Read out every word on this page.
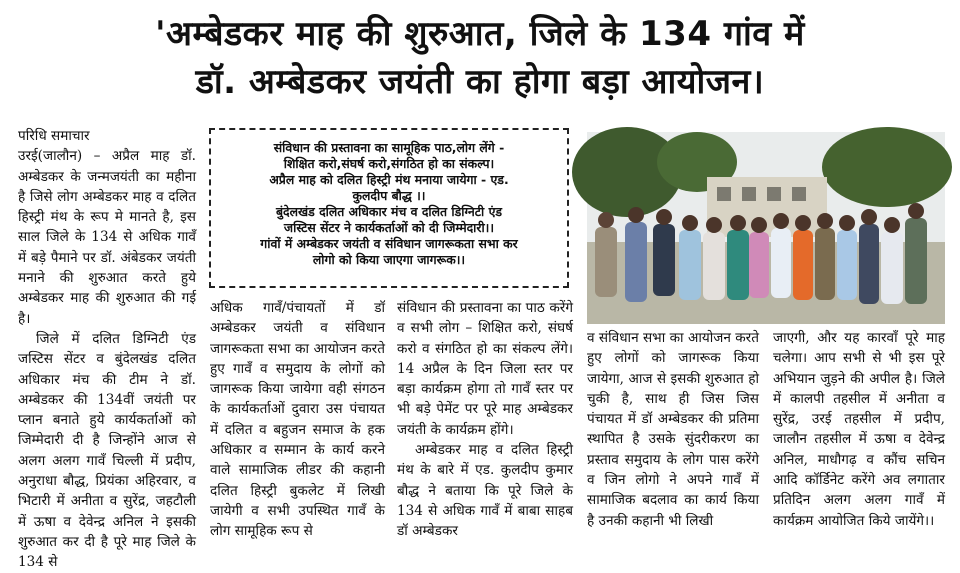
'अम्बेडकर माह की शुरुआत, जिले के 134 गांव में
डॉ. अम्बेडकर जयंती का होगा बड़ा आयोजन।

परिधि समाचार

उरई(जालौन) – अप्रैल माह डॉ. अम्बेडकर के जन्मजयंती का महीना है जिसे लोग अम्बेडकर माह व दलित हिस्ट्री मंथ के रूप मे मानते है, इस साल जिले के 134 से अधिक गावँ में बड़े पैमाने पर डॉ. अंबेडकर जयंती मनाने की शुरुआत करते हुये अम्बेडकर माह की शुरुआत की गई है।

जिले में दलित डिग्निटी एंड जस्टिस सेंटर व बुंदेलखंड दलित अधिकार मंच की टीम ने डॉ. अम्बेडकर की 134वीं जयंती पर प्लान बनाते हुये कार्यकर्ताओं को जिम्मेदारी दी है जिन्होंने आज से अलग अलग गावँ चिल्ली में प्रदीप, अनुराधा बौद्ध, प्रियंका अहिरवार, व भिटारी में अनीता व सुरेंद्र, जहटौली में ऊषा व देवेन्द्र अनिल ने इसकी शुरुआत कर दी है पूरे माह जिले के 134 से

संविधान की प्रस्तावना का सामूहिक पाठ,लोग लेंगे -
शिक्षित करो,संघर्ष करो,संगठित हो का संकल्प।
अप्रैल माह को दलित हिस्ट्री मंथ मनाया जायेगा - एड.
कुलदीप बौद्ध ।।
बुंदेलखंड दलित अधिकार मंच व दलित डिग्निटी एंड
जस्टिस सेंटर ने कार्यकर्ताओं को दी जिम्मेदारी।।
गांवों में अम्बेडकर जयंती व संविधान जागरूकता सभा कर
लोगो को किया जाएगा जागरूक।।

अधिक गावँ/पंचायतों में डॉ अम्बेडकर जयंती व संविधान जागरूकता सभा का आयोजन करते हुए गावँ व समुदाय के लोगों को जागरूक किया जायेगा वही संगठन के कार्यकर्ताओं दुवारा उस पंचायत में दलित व बहुजन समाज के हक अधिकार व सम्मान के कार्य करने वाले सामाजिक लीडर की कहानी दलित हिस्ट्री बुकलेट में लिखी जायेगी व सभी उपस्थित गावँ के लोग सामूहिक रूप से

संविधान की प्रस्तावना का पाठ करेंगे व सभी लोग – शिक्षित करो, संघर्ष करो व संगठित हो का संकल्प लेंगे। 14 अप्रैल के दिन जिला स्तर पर बड़ा कार्यक्रम होगा तो गावँ स्तर पर भी बड़े पेमेंट पर पूरे माह अम्बेडकर जयंती के कार्यक्रम होंगे।

अम्बेडकर माह व दलित हिस्ट्री मंथ के बारे में एड. कुलदीप कुमार बौद्ध ने बताया कि पूरे जिले के 134 से अधिक गावँ में बाबा साहब डॉ अम्बेडकर

व संविधान सभा का आयोजन करते हुए लोगों को जागरूक किया जायेगा, आज से इसकी शुरुआत हो चुकी है, साथ ही जिस जिस पंचायत में डॉ अम्बेडकर की प्रतिमा स्थापित है उसके सुंदरीकरण का प्रस्ताव समुदाय के लोग पास करेंगे व जिन लोगो ने अपने गावँ में सामाजिक बदलाव का कार्य किया है उनकी कहानी भी लिखी

जाएगी, और यह कारवाँ पूरे माह चलेगा। आप सभी से भी इस पूरे अभियान जुड़ने की अपील है। जिले में कालपी तहसील में अनीता व सुरेंद्र, उरई तहसील में प्रदीप, जालौन तहसील में ऊषा व देवेन्द्र अनिल, माधौगढ़ व कौंच सचिन आदि कॉर्डिनेट करेंगे अव लगातार प्रतिदिन अलग अलग गावँ में कार्यक्रम आयोजित किये जायेंगे।।
